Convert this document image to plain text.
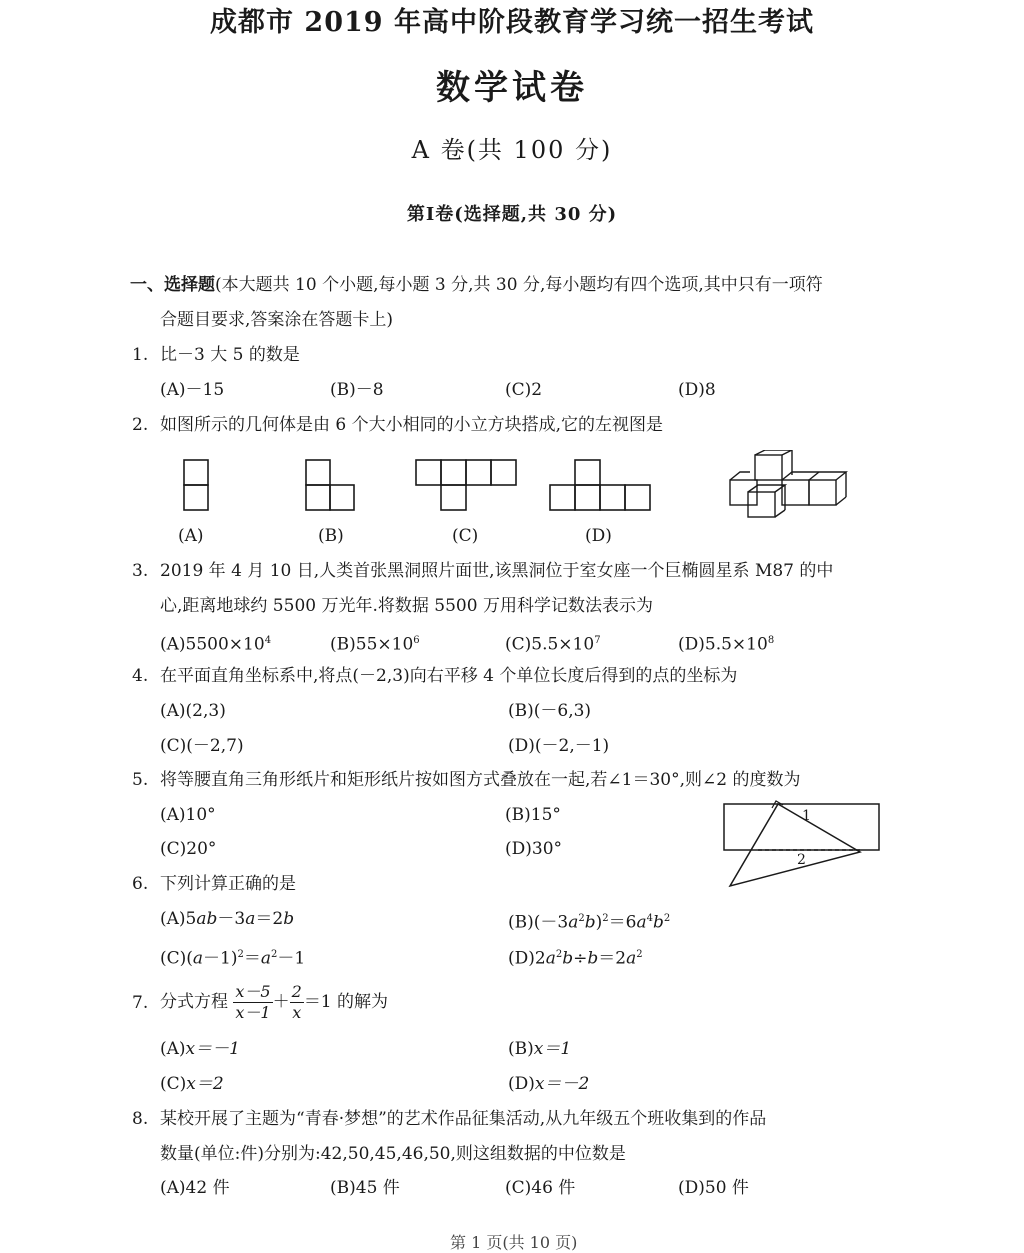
成都市 2019 年高中阶段教育学习统一招生考试
数学试卷
A 卷(共 100 分)
第Ⅰ卷(选择题,共 30 分)
一、选择题(本大题共 10 个小题,每小题 3 分,共 30 分,每小题均有四个选项,其中只有一项符
合题目要求,答案涂在答题卡上)
1. 比－3 大 5 的数是
(A)－15	(B)－8	(C)2	(D)8
2. 如图所示的几何体是由 6 个大小相同的小立方块搭成,它的左视图是
(A)	(B)	(C)	(D)
3. 2019 年 4 月 10 日,人类首张黑洞照片面世,该黑洞位于室女座一个巨椭圆星系 M87 的中
心,距离地球约 5500 万光年.将数据 5500 万用科学记数法表示为
$(A)5500\times 10^4$	$(B)55\times 10^6$	$(C)5.5\times 10^7$	$(D)5.5\times 10^8$
4. 在平面直角坐标系中,将点(－2,3)向右平移 4 个单位长度后得到的点的坐标为
(A)(2,3)	(B)(－6,3)
(C)(－2,7)	(D)(－2,－1)
5. 将等腰直角三角形纸片和矩形纸片按如图方式叠放在一起,若∠1＝30°,则∠2 的度数为
(A)10°	(B)15°
(C)20°	(D)30°
1
2
6. 下列计算正确的是
(A)5ab－3a＝2b	$(B)(-3a^2b)^2=6a^4b^2$
$(C)(a-1)^2=a^2-1$	$(D)2a^2b\div b=2a^2$
7. 分式方程 $\frac{x-5}{x-1} + \frac{2}{x} =1$ 的解为
(A)x＝－1	(B)x＝1
(C)x＝2	(D)x＝－2
8. 某校开展了主题为“青春·梦想”的艺术作品征集活动,从九年级五个班收集到的作品
数量(单位:件)分别为:42,50,45,46,50,则这组数据的中位数是
(A)42 件	(B)45 件	(C)46 件	(D)50 件
第 1 页(共 10 页)
